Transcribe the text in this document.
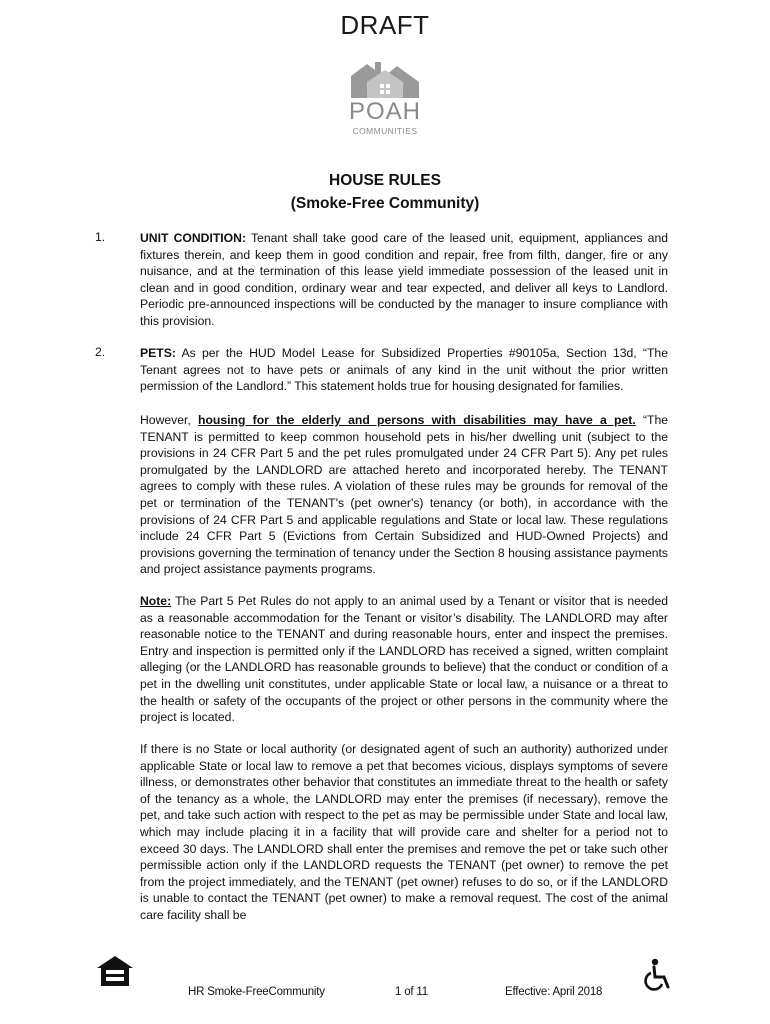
DRAFT
POAH
COMMUNITIES
HOUSE RULES
(Smoke-Free Community)
1.	UNIT CONDITION: Tenant shall take good care of the leased unit, equipment, appliances and fixtures therein, and keep them in good condition and repair, free from filth, danger, fire or any nuisance, and at the termination of this lease yield immediate possession of the leased unit in clean and in good condition, ordinary wear and tear expected, and deliver all keys to Landlord. Periodic pre-announced inspections will be conducted by the manager to insure compliance with this provision.

2.	PETS: As per the HUD Model Lease for Subsidized Properties #90105a, Section 13d, “The Tenant agrees not to have pets or animals of any kind in the unit without the prior written permission of the Landlord.” This statement holds true for housing designated for families.

However, housing for the elderly and persons with disabilities may have a pet. “The TENANT is permitted to keep common household pets in his/her dwelling unit (subject to the provisions in 24 CFR Part 5 and the pet rules promulgated under 24 CFR Part 5). Any pet rules promulgated by the LANDLORD are attached hereto and incorporated hereby. The TENANT agrees to comply with these rules. A violation of these rules may be grounds for removal of the pet or termination of the TENANT's (pet owner's) tenancy (or both), in accordance with the provisions of 24 CFR Part 5 and applicable regulations and State or local law. These regulations include 24 CFR Part 5 (Evictions from Certain Subsidized and HUD-Owned Projects) and provisions governing the termination of tenancy under the Section 8 housing assistance payments and project assistance payments programs.

Note: The Part 5 Pet Rules do not apply to an animal used by a Tenant or visitor that is needed as a reasonable accommodation for the Tenant or visitor’s disability. The LANDLORD may after reasonable notice to the TENANT and during reasonable hours, enter and inspect the premises. Entry and inspection is permitted only if the LANDLORD has received a signed, written complaint alleging (or the LANDLORD has reasonable grounds to believe) that the conduct or condition of a pet in the dwelling unit constitutes, under applicable State or local law, a nuisance or a threat to the health or safety of the occupants of the project or other persons in the community where the project is located.

If there is no State or local authority (or designated agent of such an authority) authorized under applicable State or local law to remove a pet that becomes vicious, displays symptoms of severe illness, or demonstrates other behavior that constitutes an immediate threat to the health or safety of the tenancy as a whole, the LANDLORD may enter the premises (if necessary), remove the pet, and take such action with respect to the pet as may be permissible under State and local law, which may include placing it in a facility that will provide care and shelter for a period not to exceed 30 days. The LANDLORD shall enter the premises and remove the pet or take such other permissible action only if the LANDLORD requests the TENANT (pet owner) to remove the pet from the project immediately, and the TENANT (pet owner) refuses to do so, or if the LANDLORD is unable to contact the TENANT (pet owner) to make a removal request. The cost of the animal care facility shall be

HR Smoke-FreeCommunity	1 of 11	Effective: April 2018
